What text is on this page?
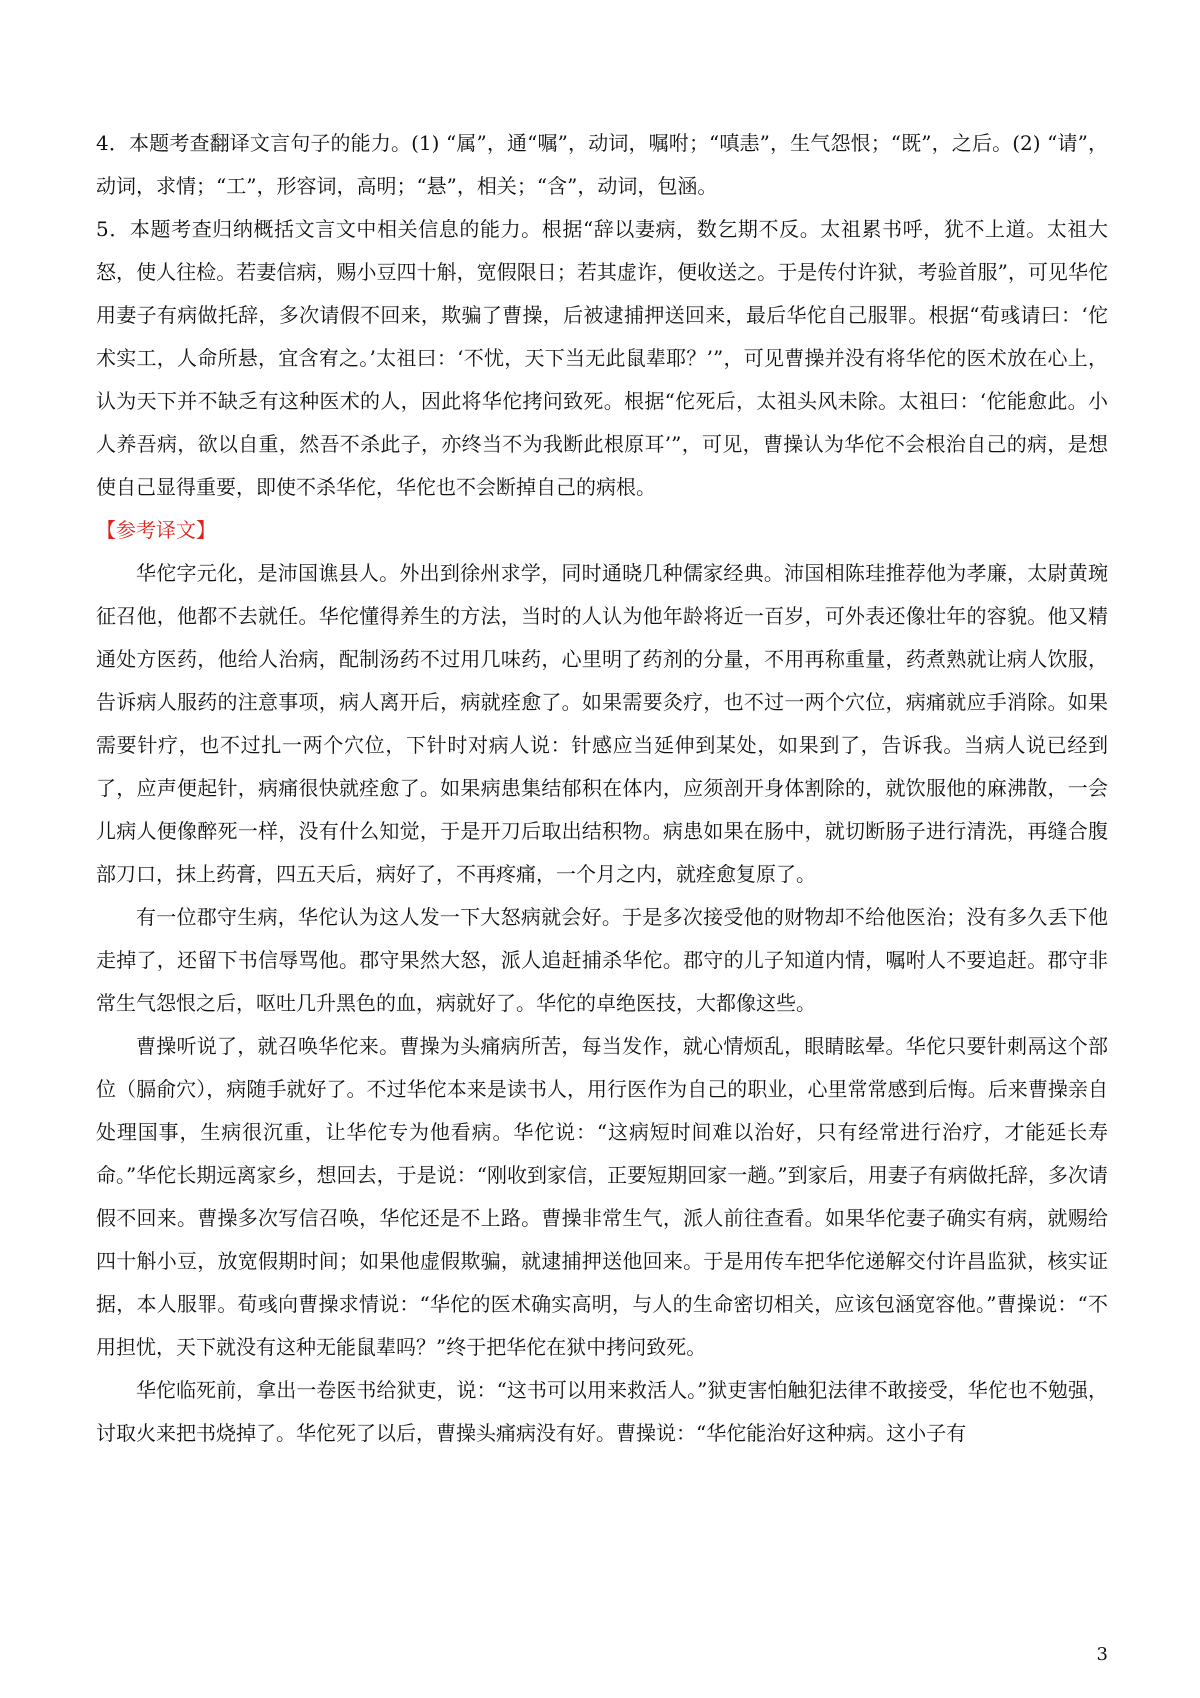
4．本题考查翻译文言句子的能力。(1) “属”，通“嘱”，动词，嘱咐；“嗔恚”，生气怨恨；“既”，之后。(2) “请”，动词，求情；“工”，形容词，高明；“悬”，相关；“含”，动词，包涵。

5．本题考查归纳概括文言文中相关信息的能力。根据“辞以妻病，数乞期不反。太祖累书呼，犹不上道。太祖大怒，使人往检。若妻信病，赐小豆四十斛，宽假限日；若其虚诈，便收送之。于是传付许狱，考验首服”，可见华佗用妻子有病做托辞，多次请假不回来，欺骗了曹操，后被逮捕押送回来，最后华佗自己服罪。根据“荀彧请曰：‘佗术实工，人命所悬，宜含宥之。’太祖曰：‘不忧，天下当无此鼠辈耶？’”，可见曹操并没有将华佗的医术放在心上，认为天下并不缺乏有这种医术的人，因此将华佗拷问致死。根据“佗死后，太祖头风未除。太祖曰：‘佗能愈此。小人养吾病，欲以自重，然吾不杀此子，亦终当不为我断此根原耳’”，可见，曹操认为华佗不会根治自己的病，是想使自己显得重要，即使不杀华佗，华佗也不会断掉自己的病根。

【参考译文】

华佗字元化，是沛国谯县人。外出到徐州求学，同时通晓几种儒家经典。沛国相陈珪推荐他为孝廉，太尉黄琬征召他，他都不去就任。华佗懂得养生的方法，当时的人认为他年龄将近一百岁，可外表还像壮年的容貌。他又精通处方医药，他给人治病，配制汤药不过用几味药，心里明了药剂的分量，不用再称重量，药煮熟就让病人饮服，告诉病人服药的注意事项，病人离开后，病就痊愈了。如果需要灸疗，也不过一两个穴位，病痛就应手消除。如果需要针疗，也不过扎一两个穴位，下针时对病人说：针感应当延伸到某处，如果到了，告诉我。当病人说已经到了，应声便起针，病痛很快就痊愈了。如果病患集结郁积在体内，应须剖开身体割除的，就饮服他的麻沸散，一会儿病人便像醉死一样，没有什么知觉，于是开刀后取出结积物。病患如果在肠中，就切断肠子进行清洗，再缝合腹部刀口，抹上药膏，四五天后，病好了，不再疼痛，一个月之内，就痊愈复原了。

有一位郡守生病，华佗认为这人发一下大怒病就会好。于是多次接受他的财物却不给他医治；没有多久丢下他走掉了，还留下书信辱骂他。郡守果然大怒，派人追赶捕杀华佗。郡守的儿子知道内情，嘱咐人不要追赶。郡守非常生气怨恨之后，呕吐几升黑色的血，病就好了。华佗的卓绝医技，大都像这些。

曹操听说了，就召唤华佗来。曹操为头痛病所苦，每当发作，就心情烦乱，眼睛眩晕。华佗只要针刺鬲这个部位（膈俞穴），病随手就好了。不过华佗本来是读书人，用行医作为自己的职业，心里常常感到后悔。后来曹操亲自处理国事，生病很沉重，让华佗专为他看病。华佗说：“这病短时间难以治好，只有经常进行治疗，才能延长寿命。”华佗长期远离家乡，想回去，于是说：“刚收到家信，正要短期回家一趟。”到家后，用妻子有病做托辞，多次请假不回来。曹操多次写信召唤，华佗还是不上路。曹操非常生气，派人前往查看。如果华佗妻子确实有病，就赐给四十斛小豆，放宽假期时间；如果他虚假欺骗，就逮捕押送他回来。于是用传车把华佗递解交付许昌监狱，核实证据，本人服罪。荀彧向曹操求情说：“华佗的医术确实高明，与人的生命密切相关，应该包涵宽容他。”曹操说：“不用担忧，天下就没有这种无能鼠辈吗？”终于把华佗在狱中拷问致死。

华佗临死前，拿出一卷医书给狱吏，说：“这书可以用来救活人。”狱吏害怕触犯法律不敢接受，华佗也不勉强，讨取火来把书烧掉了。华佗死了以后，曹操头痛病没有好。曹操说：“华佗能治好这种病。这小子有

3
